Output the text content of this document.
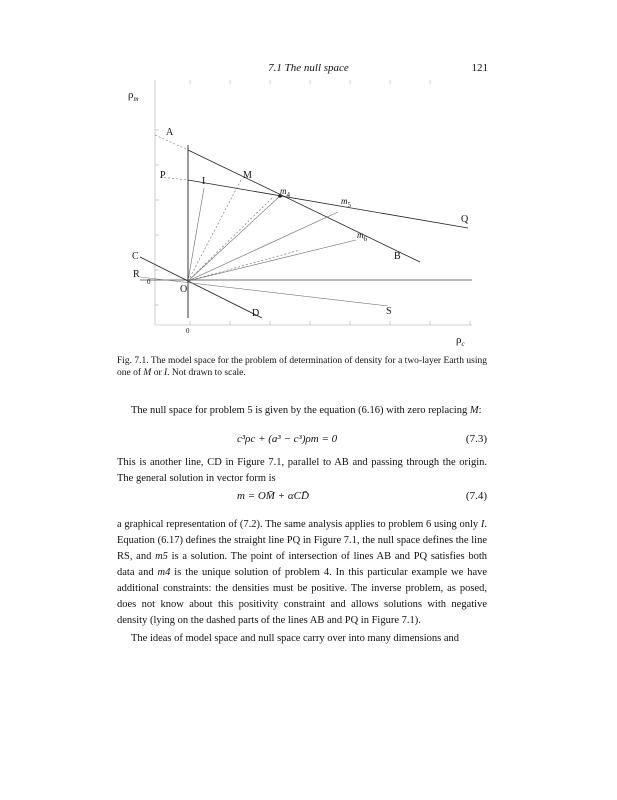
7.1 The null space	121
$\rho_m$
$\rho_c$
0
0
A
P
I
M
$m_4$
$m_5$
$m_6$
Q
C	B
R
O
D	S
Fig. 7.1. The model space for the problem of determination of density for a two-layer Earth using one of M or I. Not drawn to scale.

The null space for problem 5 is given by the equation (6.16) with zero replacing M:

c³ρc + (a³ − c³)ρm = 0	(7.3)

This is another line, CD in Figure 7.1, parallel to AB and passing through the origin. The general solution in vector form is

m = OM̄ + αCD̄	(7.4)

a graphical representation of (7.2). The same analysis applies to problem 6 using only I. Equation (6.17) defines the straight line PQ in Figure 7.1, the null space defines the line RS, and m5 is a solution. The point of intersection of lines AB and PQ satisfies both data and m4 is the unique solution of problem 4. In this particular example we have additional constraints: the densities must be positive. The inverse problem, as posed, does not know about this positivity constraint and allows solutions with negative density (lying on the dashed parts of the lines AB and PQ in Figure 7.1).

The ideas of model space and null space carry over into many dimensions and
